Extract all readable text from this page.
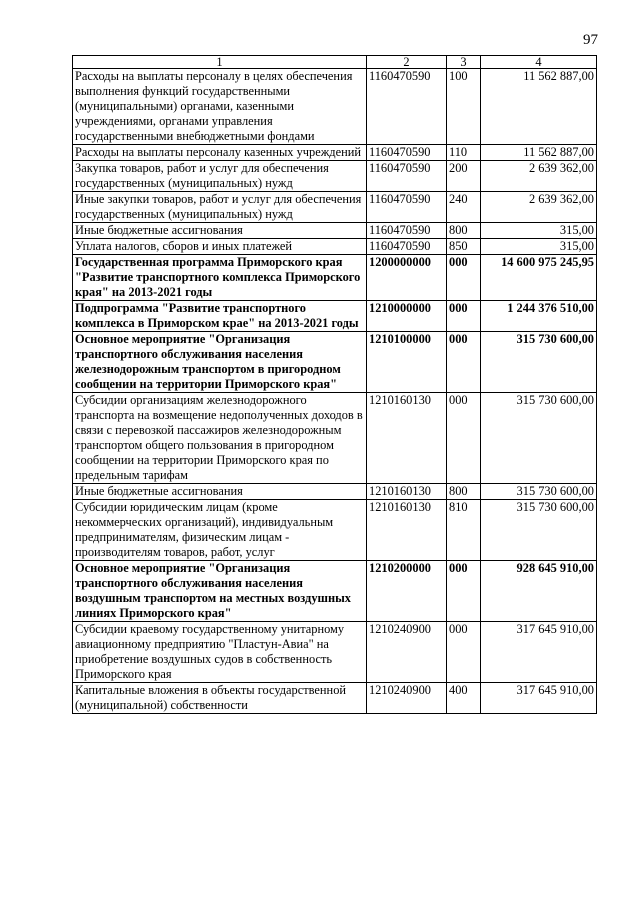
97
1	2	3	4
Расходы на выплаты персоналу в целях обеспечения выполнения функций государственными (муниципальными) органами, казенными учреждениями, органами управления государственными внебюджетными фондами	1160470590	100	11 562 887,00
Расходы на выплаты персоналу казенных учреждений	1160470590	110	11 562 887,00
Закупка товаров, работ и услуг для обеспечения государственных (муниципальных) нужд	1160470590	200	2 639 362,00
Иные закупки товаров, работ и услуг для обеспечения государственных (муниципальных) нужд	1160470590	240	2 639 362,00
Иные бюджетные ассигнования	1160470590	800	315,00
Уплата налогов, сборов и иных платежей	1160470590	850	315,00
Государственная программа Приморского края "Развитие транспортного комплекса Приморского края" на 2013-2021 годы	1200000000	000	14 600 975 245,95
Подпрограмма "Развитие транспортного комплекса в Приморском крае" на 2013-2021 годы	1210000000	000	1 244 376 510,00
Основное мероприятие "Организация транспортного обслуживания населения железнодорожным транспортом в пригородном сообщении на территории Приморского края"	1210100000	000	315 730 600,00
Субсидии организациям железнодорожного транспорта на возмещение недополученных доходов в связи с перевозкой пассажиров железнодорожным транспортом общего пользования в пригородном сообщении на территории Приморского края по предельным тарифам	1210160130	000	315 730 600,00
Иные бюджетные ассигнования	1210160130	800	315 730 600,00
Субсидии юридическим лицам (кроме некоммерческих организаций), индивидуальным предпринимателям, физическим лицам - производителям товаров, работ, услуг	1210160130	810	315 730 600,00
Основное мероприятие "Организация транспортного обслуживания населения воздушным транспортом на местных воздушных линиях Приморского края"	1210200000	000	928 645 910,00
Субсидии краевому государственному унитарному авиационному предприятию "Пластун-Авиа" на приобретение воздушных судов в собственность Приморского края	1210240900	000	317 645 910,00
Капитальные вложения в объекты государственной (муниципальной) собственности	1210240900	400	317 645 910,00
